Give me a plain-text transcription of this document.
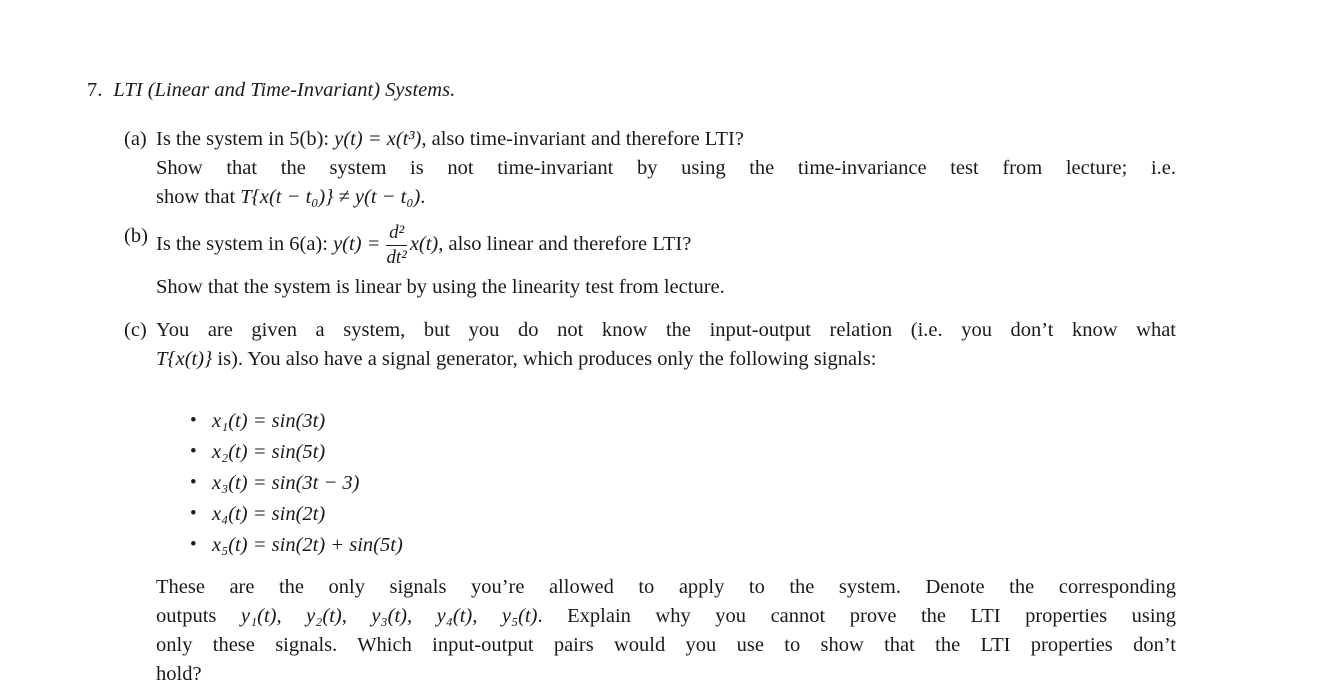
7. LTI (Linear and Time-Invariant) Systems.
(a) Is the system in 5(b): y(t) = x(t³), also time-invariant and therefore LTI?

Show that the system is not time-invariant by using the time-invariance test from lecture; i.e.

show that T{x(t − t₀)} ≠ y(t − t₀).

(b) Is the system in 6(a): $y(t) = \frac{\text{d²}}{\text{dt²}} x(t)$, also linear and therefore LTI?

Show that the system is linear by using the linearity test from lecture.

(c) You are given a system, but you do not know the input-output relation (i.e. you don’t know what

T{x(t)} is). You also have a signal generator, which produces only the following signals:

• x₁(t) = sin(3t)
• x₂(t) = sin(5t)
• x₃(t) = sin(3t − 3)
• x₄(t) = sin(2t)
• x₅(t) = sin(2t) + sin(5t)

These are the only signals you’re allowed to apply to the system. Denote the corresponding

outputs y₁(t), y₂(t), y₃(t), y₄(t), y₅(t). Explain why you cannot prove the LTI properties using

only these signals. Which input-output pairs would you use to show that the LTI properties don’t

hold?
